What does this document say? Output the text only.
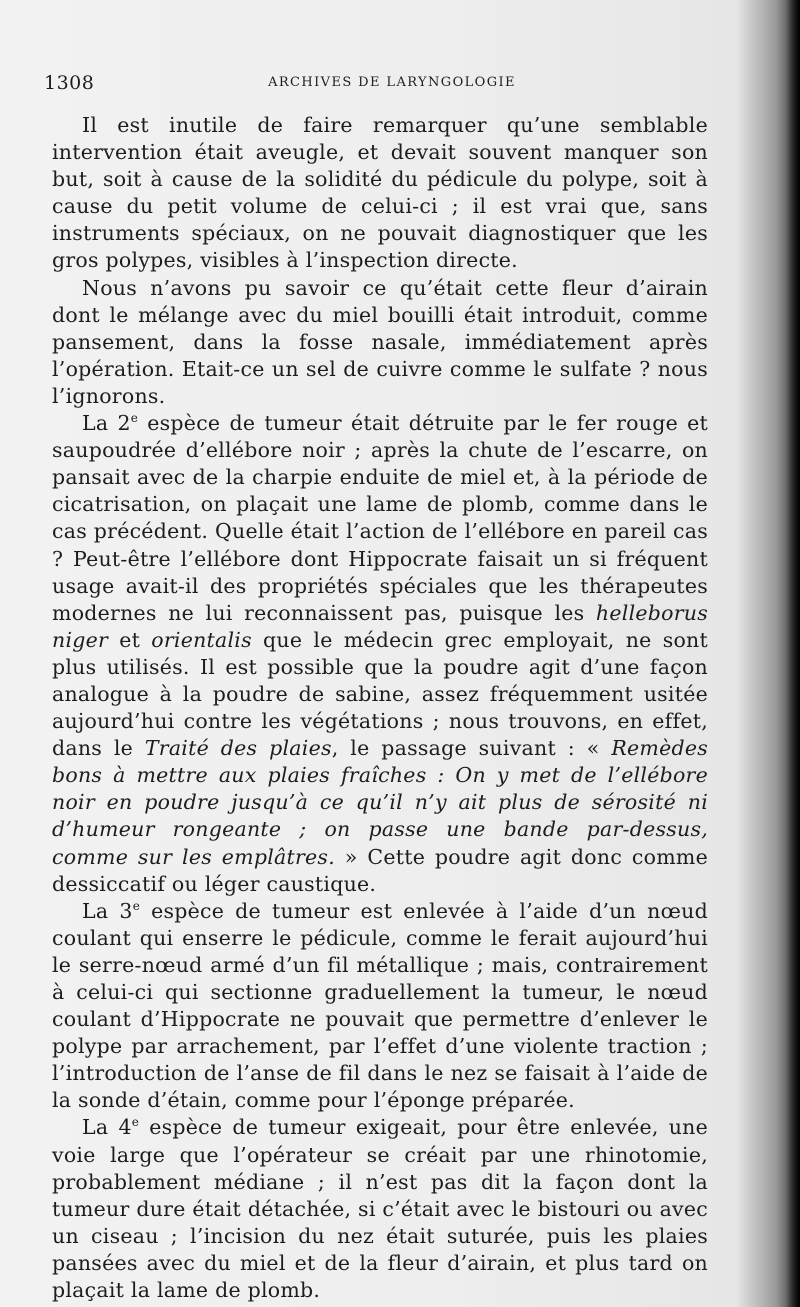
1308	ARCHIVES DE LARYNGOLOGIE

Il est inutile de faire remarquer qu’une semblable intervention était aveugle, et devait souvent manquer son but, soit à cause de la solidité du pédicule du polype, soit à cause du petit volume de celui-ci ; il est vrai que, sans instruments spéciaux, on ne pouvait diagnostiquer que les gros polypes, visibles à l’inspection directe.

Nous n’avons pu savoir ce qu’était cette fleur d’airain dont le mélange avec du miel bouilli était introduit, comme pansement, dans la fosse nasale, immédiatement après l’opération. Etait-ce un sel de cuivre comme le sulfate ? nous l’ignorons.

La 2e espèce de tumeur était détruite par le fer rouge et saupoudrée d’ellébore noir ; après la chute de l’escarre, on pansait avec de la charpie enduite de miel et, à la période de cicatrisation, on plaçait une lame de plomb, comme dans le cas précédent. Quelle était l’action de l’ellébore en pareil cas ? Peut-être l’ellébore dont Hippocrate faisait un si fréquent usage avait-il des propriétés spéciales que les thérapeutes modernes ne lui reconnaissent pas, puisque les helleborus niger et orientalis que le médecin grec employait, ne sont plus utilisés. Il est possible que la poudre agit d’une façon analogue à la poudre de sabine, assez fréquemment usitée aujourd’hui contre les végétations ; nous trouvons, en effet, dans le Traité des plaies, le passage suivant : « Remèdes bons à mettre aux plaies fraîches : On y met de l’ellébore noir en poudre jusqu’à ce qu’il n’y ait plus de sérosité ni d’humeur rongeante ; on passe une bande par-dessus, comme sur les emplâtres. » Cette poudre agit donc comme dessiccatif ou léger caustique.

La 3e espèce de tumeur est enlevée à l’aide d’un nœud coulant qui enserre le pédicule, comme le ferait aujourd’hui le serre-nœud armé d’un fil métallique ; mais, contrairement à celui-ci qui sectionne graduellement la tumeur, le nœud coulant d’Hippocrate ne pouvait que permettre d’enlever le polype par arrachement, par l’effet d’une violente traction ; l’introduction de l’anse de fil dans le nez se faisait à l’aide de la sonde d’étain, comme pour l’éponge préparée.

La 4e espèce de tumeur exigeait, pour être enlevée, une voie large que l’opérateur se créait par une rhinotomie, probablement médiane ; il n’est pas dit la façon dont la tumeur dure était détachée, si c’était avec le bistouri ou avec un ciseau ; l’incision du nez était suturée, puis les plaies pansées avec du miel et de la fleur d’airain, et plus tard on plaçait la lame de plomb.
